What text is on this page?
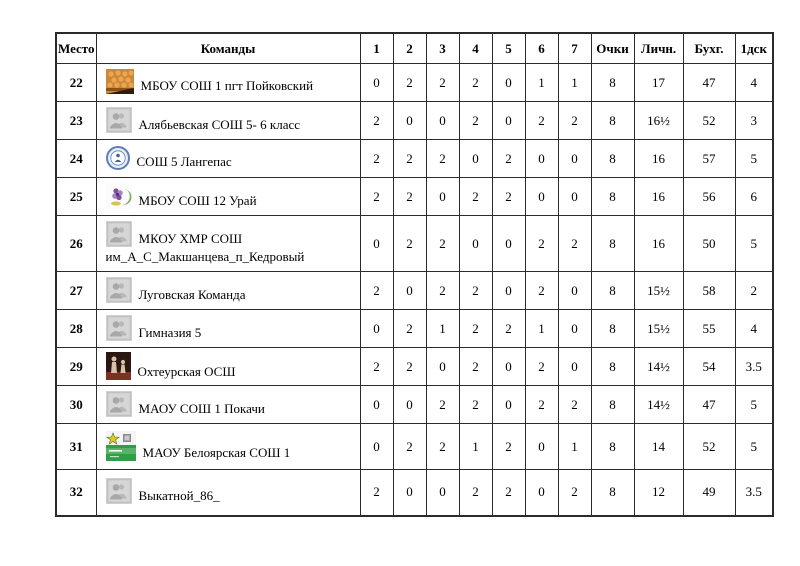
Место	Команды	1	2	3	4	5	6	7	Очки	Личн.	Бухг.	1дск
22	МБОУ СОШ 1 пгт Пойковский	0	2	2	2	0	1	1	8	17	47	4
23	Алябьевская СОШ 5- 6 класс	2	0	0	2	0	2	2	8	16½	52	3
24	СОШ 5 Лангепас	2	2	2	0	2	0	0	8	16	57	5
25	МБОУ СОШ 12 Урай	2	2	0	2	2	0	0	8	16	56	6
26	МКОУ ХМР СОШ
им_А_С_Макшанцева_п_Кедровый	0	2	2	0	0	2	2	8	16	50	5
27	Луговская Команда	2	0	2	2	0	2	0	8	15½	58	2
28	Гимназия 5	0	2	1	2	2	1	0	8	15½	55	4
29	Охтеурская ОСШ	2	2	0	2	0	2	0	8	14½	54	3.5
30	МАОУ СОШ 1 Покачи	0	0	2	2	0	2	2	8	14½	47	5
31	МАОУ Белоярская СОШ 1	0	2	2	1	2	0	1	8	14	52	5
32	Выкатной_86_	2	0	0	2	2	0	2	8	12	49	3.5
